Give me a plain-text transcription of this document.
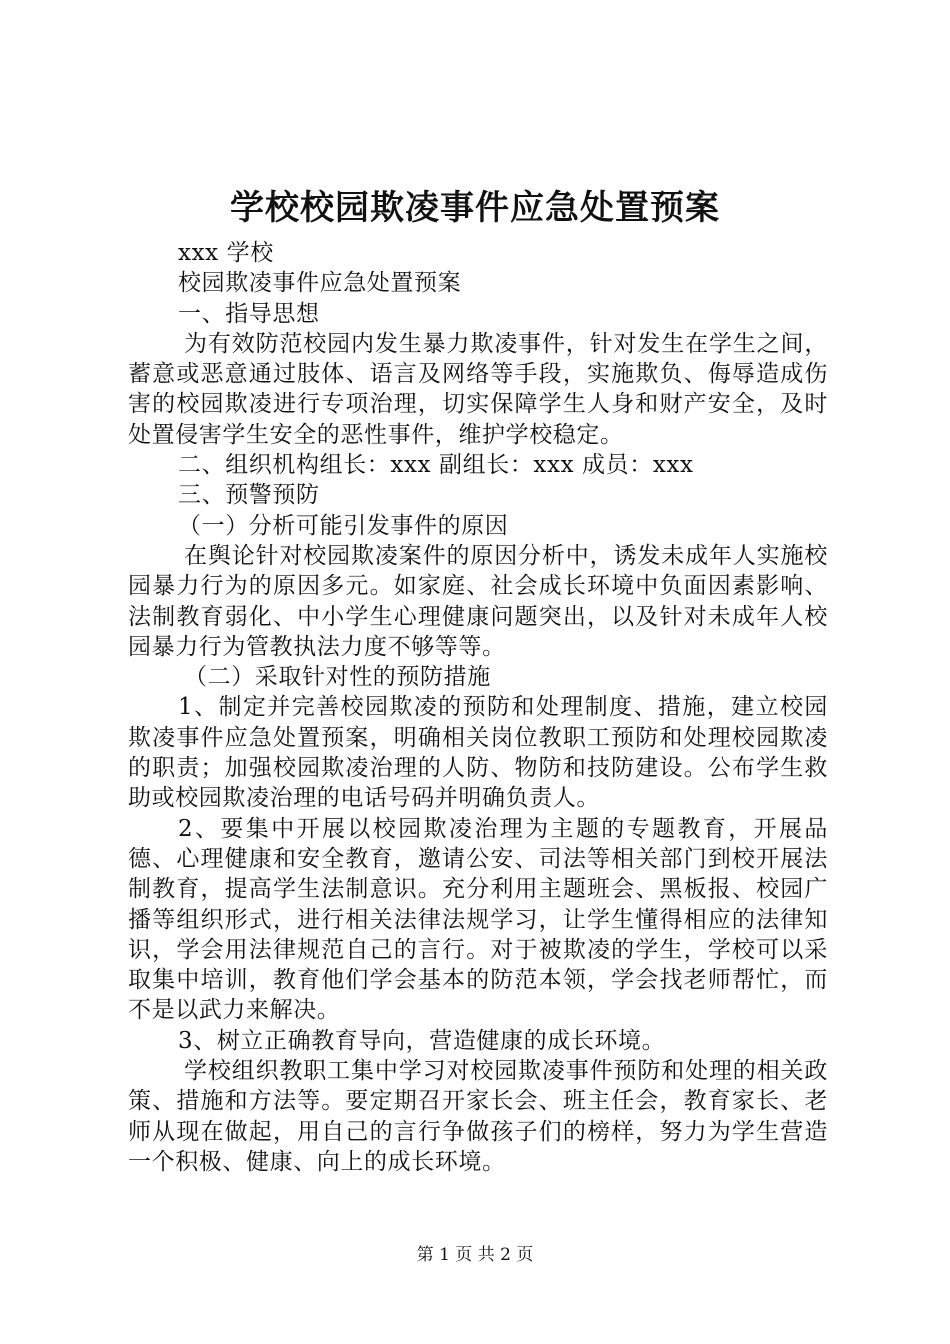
学校校园欺凌事件应急处置预案

xxx 学校

校园欺凌事件应急处置预案

一、指导思想

为有效防范校园内发生暴力欺凌事件，针对发生在学生之间，蓄意或恶意通过肢体、语言及网络等手段，实施欺负、侮辱造成伤害的校园欺凌进行专项治理，切实保障学生人身和财产安全，及时处置侵害学生安全的恶性事件，维护学校稳定。

二、组织机构组长：xxx 副组长：xxx 成员：xxx

三、预警预防

（一）分析可能引发事件的原因

在舆论针对校园欺凌案件的原因分析中，诱发未成年人实施校园暴力行为的原因多元。如家庭、社会成长环境中负面因素影响、法制教育弱化、中小学生心理健康问题突出，以及针对未成年人校园暴力行为管教执法力度不够等等。

（二）采取针对性的预防措施

1、制定并完善校园欺凌的预防和处理制度、措施，建立校园欺凌事件应急处置预案，明确相关岗位教职工预防和处理校园欺凌的职责；加强校园欺凌治理的人防、物防和技防建设。公布学生救助或校园欺凌治理的电话号码并明确负责人。

2、要集中开展以校园欺凌治理为主题的专题教育，开展品德、心理健康和安全教育，邀请公安、司法等相关部门到校开展法制教育，提高学生法制意识。充分利用主题班会、黑板报、校园广播等组织形式，进行相关法律法规学习，让学生懂得相应的法律知识，学会用法律规范自己的言行。对于被欺凌的学生，学校可以采取集中培训，教育他们学会基本的防范本领，学会找老师帮忙，而不是以武力来解决。

3、树立正确教育导向，营造健康的成长环境。

学校组织教职工集中学习对校园欺凌事件预防和处理的相关政策、措施和方法等。要定期召开家长会、班主任会，教育家长、老师从现在做起，用自己的言行争做孩子们的榜样，努力为学生营造一个积极、健康、向上的成长环境。

第 1 页 共 2 页
